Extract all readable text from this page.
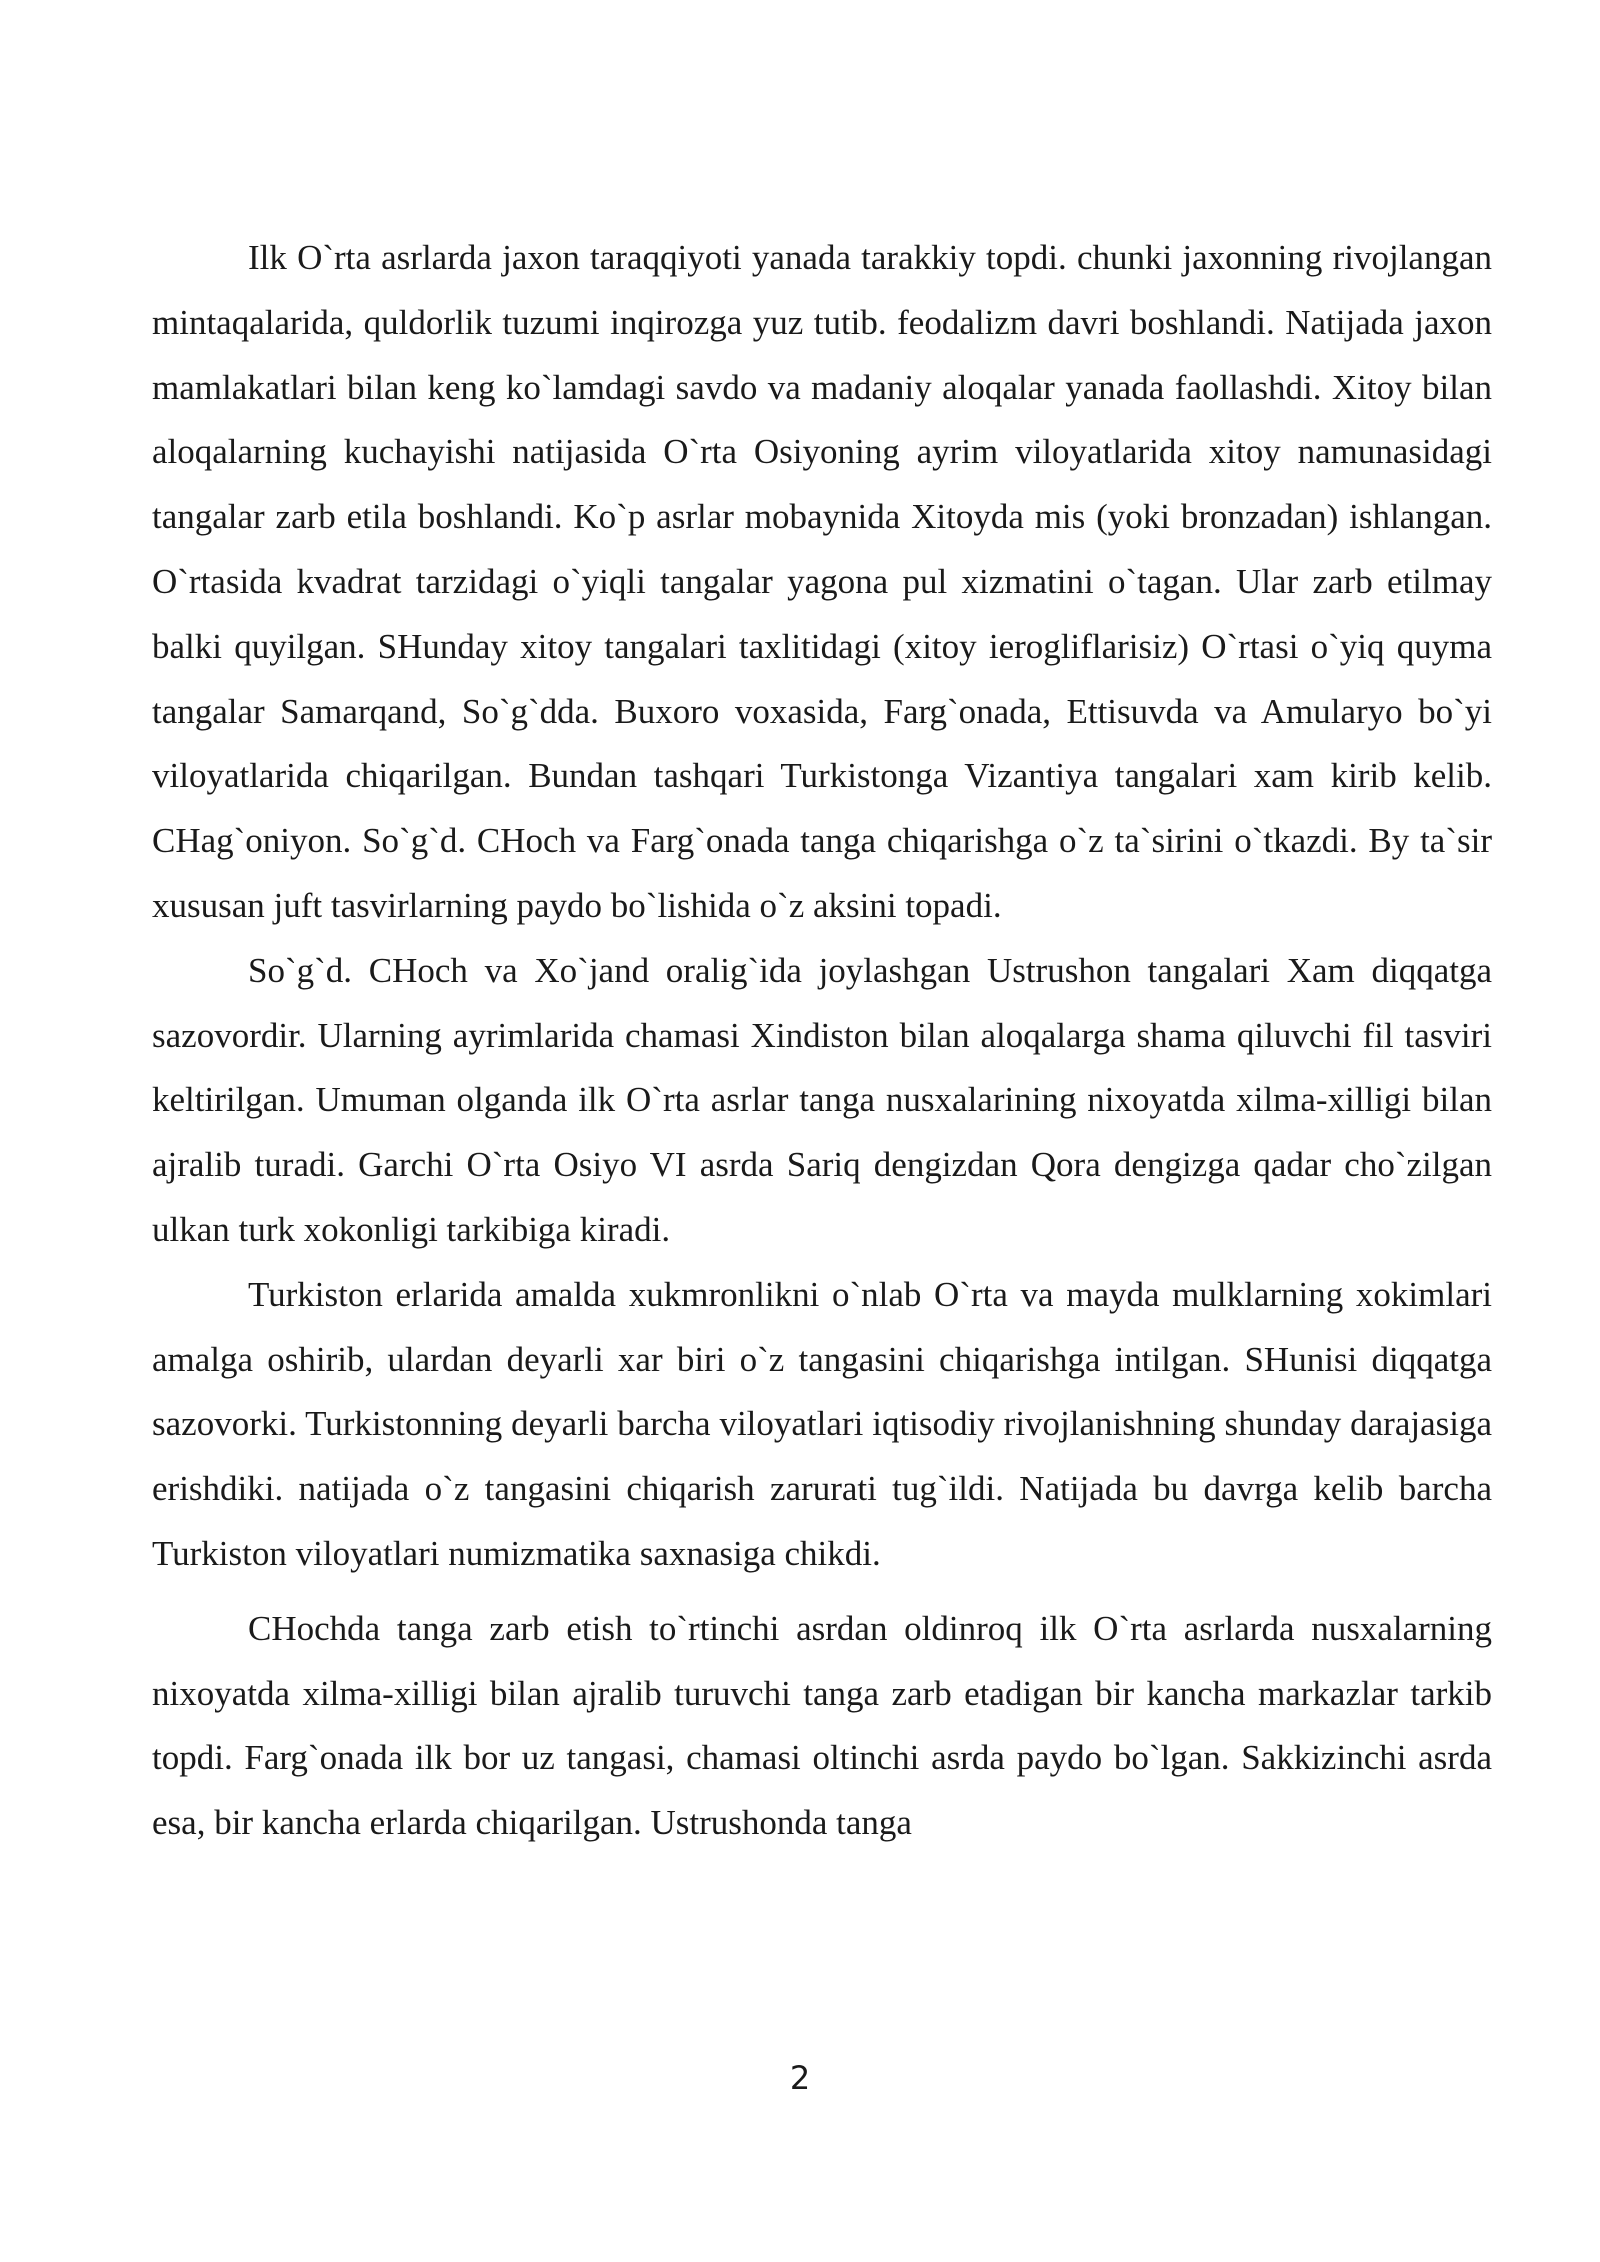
Ilk O`rta asrlarda jaxon taraqqiyoti yanada tarakkiy topdi. chunki jaxonning rivojlangan mintaqalarida, quldorlik tuzumi inqirozga yuz tutib. feodalizm davri boshlandi. Natijada jaxon mamlakatlari bilan keng ko`lamdagi savdo va madaniy aloqalar yanada faollashdi. Xitoy bilan aloqalarning kuchayishi natijasida O`rta Osiyoning ayrim viloyatlarida xitoy namunasidagi tangalar zarb etila boshlandi. Ko`p asrlar mobaynida Xitoyda mis (yoki bronzadan) ishlangan. O`rtasida kvadrat tarzidagi o`yiqli tangalar yagona pul xizmatini o`tagan. Ular zarb etilmay balki quyilgan. SHunday xitoy tangalari taxlitidagi (xitoy ierogliflarisiz) O`rtasi o`yiq quyma tangalar Samarqand, So`g`dda. Buxoro voxasida, Farg`onada, Ettisuvda va Amularyo bo`yi viloyatlarida chiqarilgan. Bundan tashqari Turkistonga Vizantiya tangalari xam kirib kelib. CHag`oniyon. So`g`d. CHoch va Farg`onada tanga chiqarishga o`z ta`sirini o`tkazdi. By ta`sir xususan juft tasvirlarning paydo bo`lishida o`z aksini topadi.

So`g`d. CHoch va Xo`jand oralig`ida joylashgan Ustrushon tangalari Xam diqqatga sazovordir. Ularning ayrimlarida chamasi Xindiston bilan aloqalarga shama qiluvchi fil tasviri keltirilgan. Umuman olganda ilk O`rta asrlar tanga nusxalarining nixoyatda xilma-xilligi bilan ajralib turadi. Garchi O`rta Osiyo VI asrda Sariq dengizdan Qora dengizga qadar cho`zilgan ulkan turk xokonligi tarkibiga kiradi.

Turkiston erlarida amalda xukmronlikni o`nlab O`rta va mayda mulklarning xokimlari amalga oshirib, ulardan deyarli xar biri o`z tangasini chiqarishga intilgan. SHunisi diqqatga sazovorki. Turkistonning deyarli barcha viloyatlari iqtisodiy rivojlanishning shunday darajasiga erishdiki. natijada o`z tangasini chiqarish zarurati tug`ildi. Natijada bu davrga kelib barcha Turkiston viloyatlari numizmatika saxnasiga chikdi.

CHochda tanga zarb etish to`rtinchi asrdan oldinroq ilk O`rta asrlarda nusxalarning nixoyatda xilma-xilligi bilan ajralib turuvchi tanga zarb etadigan bir kancha markazlar tarkib topdi. Farg`onada ilk bor uz tangasi, chamasi oltinchi asrda paydo bo`lgan. Sakkizinchi asrda esa, bir kancha erlarda chiqarilgan. Ustrushonda tanga

2
